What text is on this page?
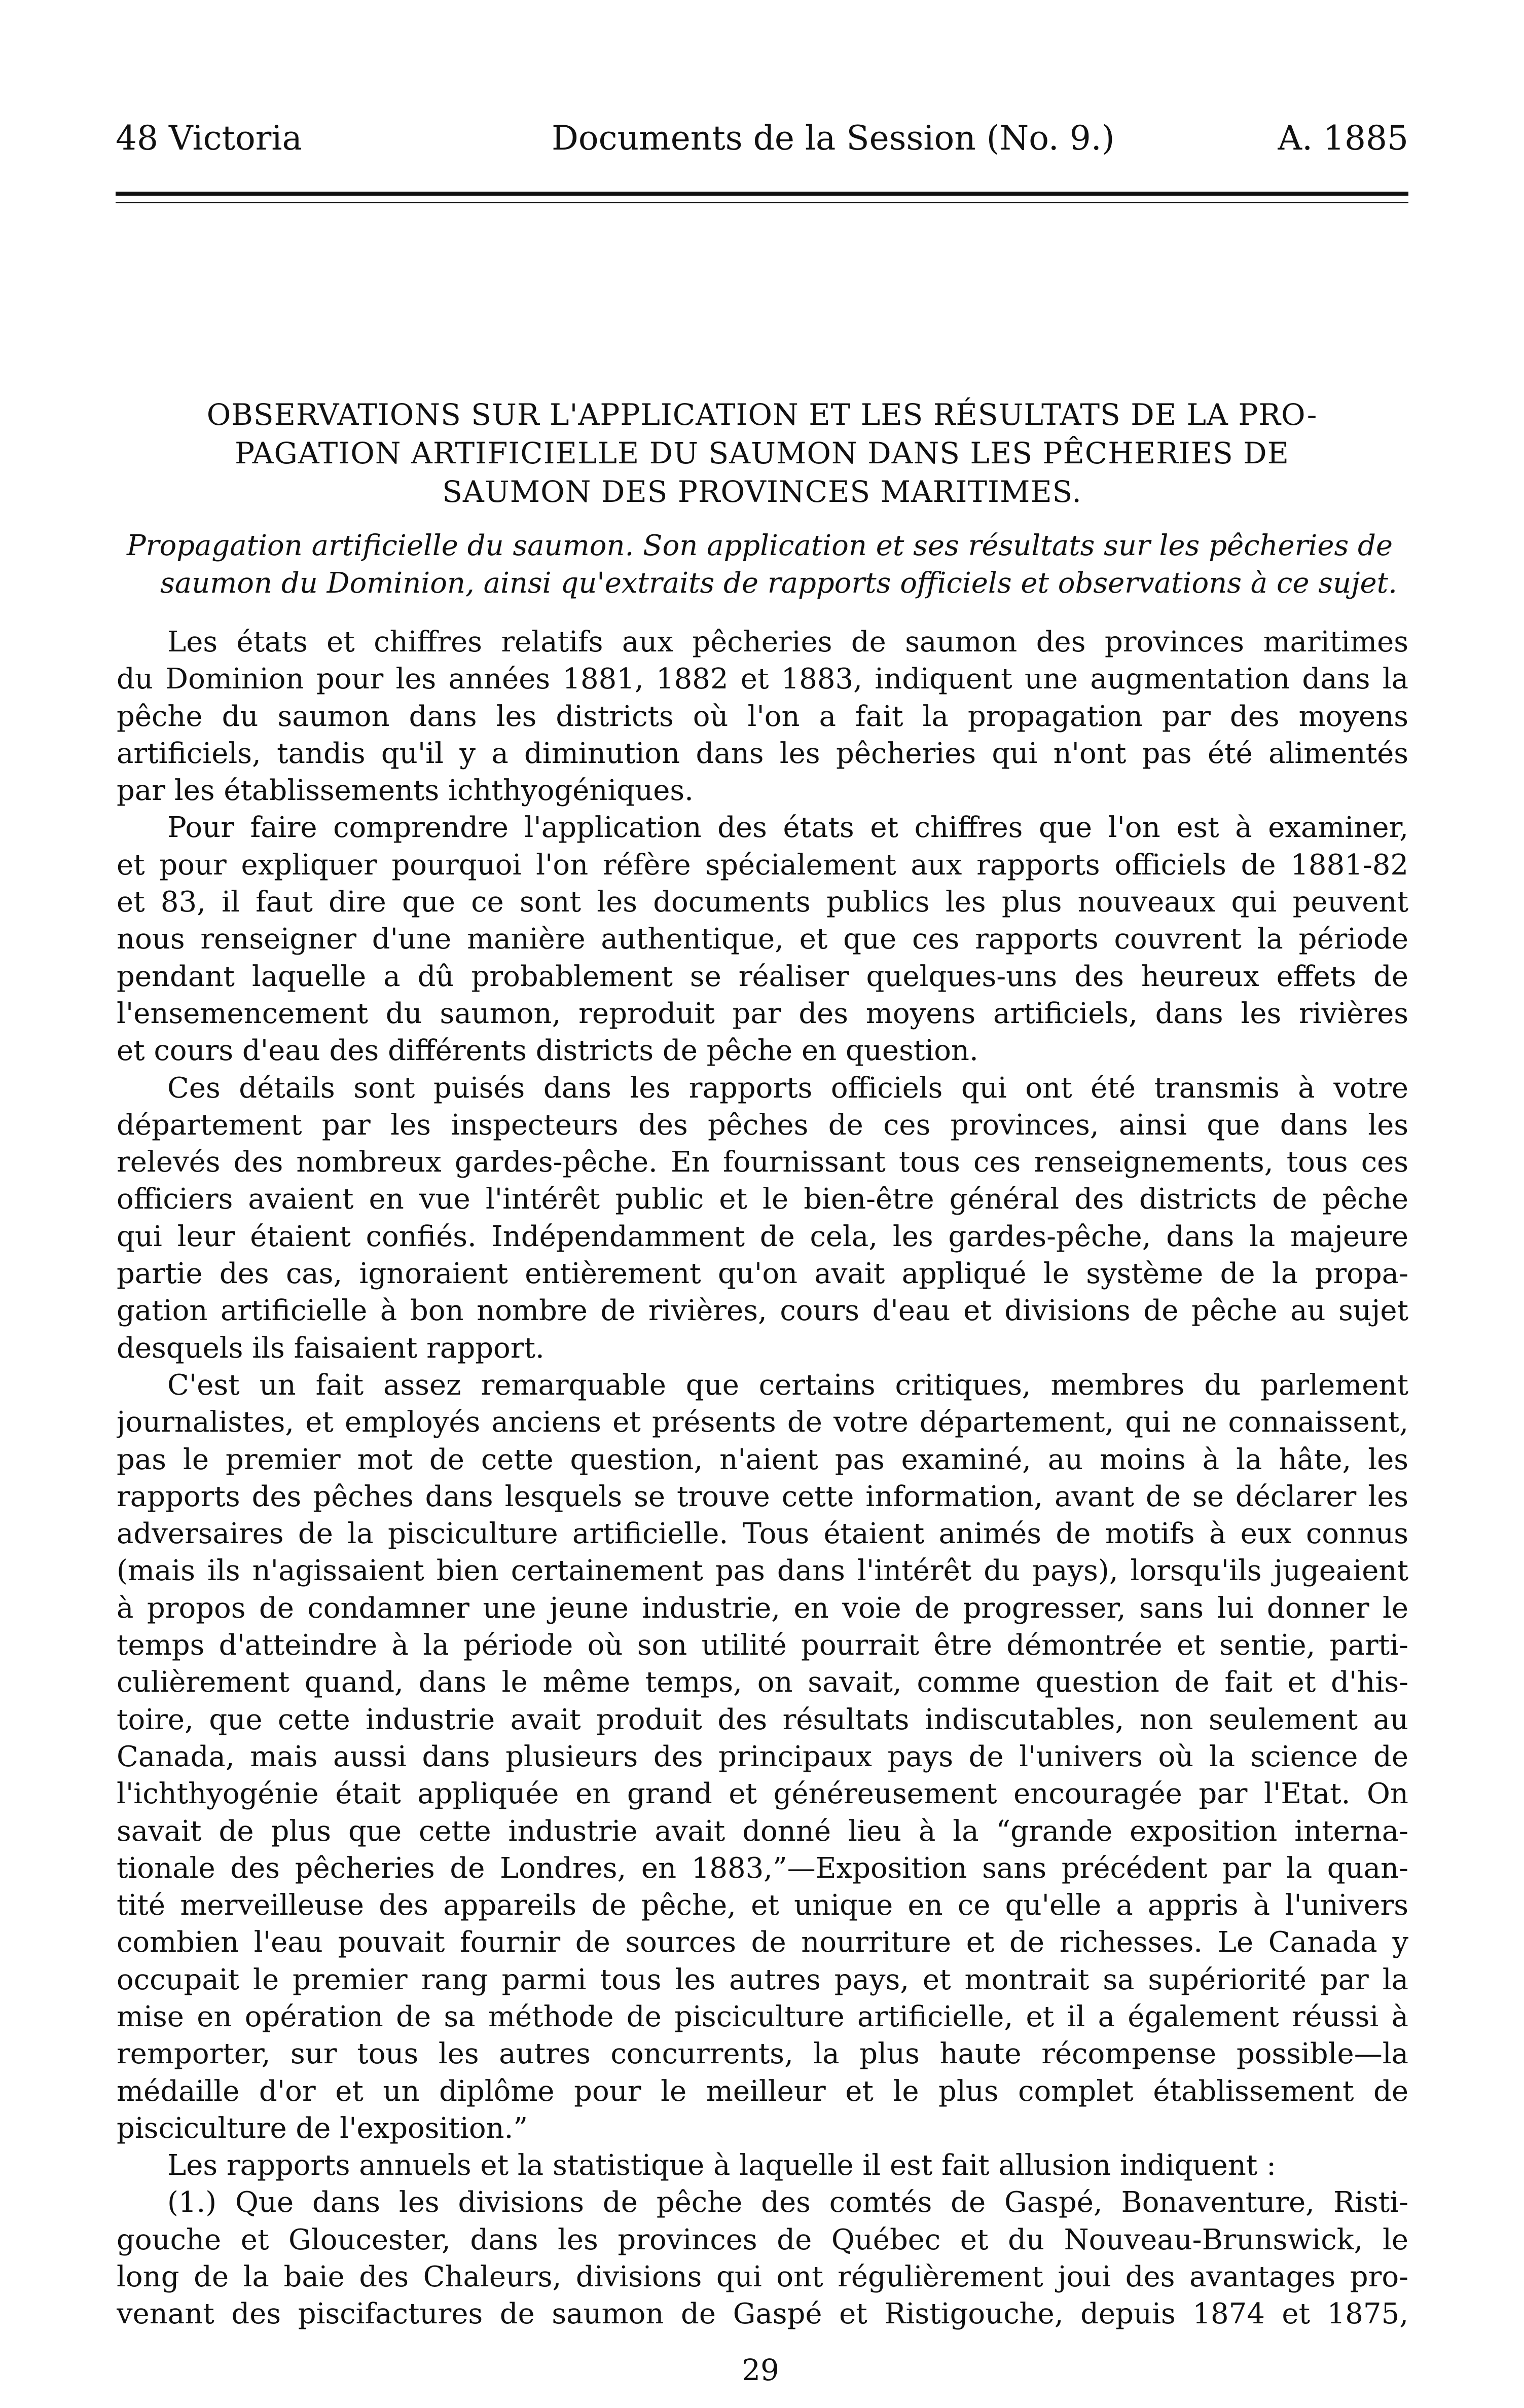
48 Victoria	Documents de la Session (No. 9.)	A. 1885
OBSERVATIONS SUR L'APPLICATION ET LES RÉSULTATS DE LA PRO-
PAGATION ARTIFICIELLE DU SAUMON DANS LES PÊCHERIES DE
SAUMON DES PROVINCES MARITIMES.

Propagation artificielle du saumon. Son application et ses résultats sur les pêcheries de
saumon du Dominion, ainsi qu'extraits de rapports officiels et observations à ce sujet.

Les états et chiffres relatifs aux pêcheries de saumon des provinces maritimes
du Dominion pour les années 1881, 1882 et 1883, indiquent une augmentation dans la
pêche du saumon dans les districts où l'on a fait la propagation par des moyens
artificiels, tandis qu'il y a diminution dans les pêcheries qui n'ont pas été alimentés
par les établissements ichthyogéniques.
Pour faire comprendre l'application des états et chiffres que l'on est à examiner,
et pour expliquer pourquoi l'on réfère spécialement aux rapports officiels de 1881-82
et 83, il faut dire que ce sont les documents publics les plus nouveaux qui peuvent
nous renseigner d'une manière authentique, et que ces rapports couvrent la période
pendant laquelle a dû probablement se réaliser quelques-uns des heureux effets de
l'ensemencement du saumon, reproduit par des moyens artificiels, dans les rivières
et cours d'eau des différents districts de pêche en question.
Ces détails sont puisés dans les rapports officiels qui ont été transmis à votre
département par les inspecteurs des pêches de ces provinces, ainsi que dans les
relevés des nombreux gardes-pêche. En fournissant tous ces renseignements, tous ces
officiers avaient en vue l'intérêt public et le bien-être général des districts de pêche
qui leur étaient confiés. Indépendamment de cela, les gardes-pêche, dans la majeure
partie des cas, ignoraient entièrement qu'on avait appliqué le système de la propa-
gation artificielle à bon nombre de rivières, cours d'eau et divisions de pêche au sujet
desquels ils faisaient rapport.
C'est un fait assez remarquable que certains critiques, membres du parlement
journalistes, et employés anciens et présents de votre département, qui ne connaissent,
pas le premier mot de cette question, n'aient pas examiné, au moins à la hâte, les
rapports des pêches dans lesquels se trouve cette information, avant de se déclarer les
adversaires de la pisciculture artificielle. Tous étaient animés de motifs à eux connus
(mais ils n'agissaient bien certainement pas dans l'intérêt du pays), lorsqu'ils jugeaient
à propos de condamner une jeune industrie, en voie de progresser, sans lui donner le
temps d'atteindre à la période où son utilité pourrait être démontrée et sentie, parti-
culièrement quand, dans le même temps, on savait, comme question de fait et d'his-
toire, que cette industrie avait produit des résultats indiscutables, non seulement au
Canada, mais aussi dans plusieurs des principaux pays de l'univers où la science de
l'ichthyogénie était appliquée en grand et généreusement encouragée par l'Etat. On
savait de plus que cette industrie avait donné lieu à la “grande exposition interna-
tionale des pêcheries de Londres, en 1883,”—Exposition sans précédent par la quan-
tité merveilleuse des appareils de pêche, et unique en ce qu'elle a appris à l'univers
combien l'eau pouvait fournir de sources de nourriture et de richesses. Le Canada y
occupait le premier rang parmi tous les autres pays, et montrait sa supériorité par la
mise en opération de sa méthode de pisciculture artificielle, et il a également réussi à
remporter, sur tous les autres concurrents, la plus haute récompense possible—la
médaille d'or et un diplôme pour le meilleur et le plus complet établissement de
pisciculture de l'exposition.”
Les rapports annuels et la statistique à laquelle il est fait allusion indiquent :
(1.) Que dans les divisions de pêche des comtés de Gaspé, Bonaventure, Risti-
gouche et Gloucester, dans les provinces de Québec et du Nouveau-Brunswick, le
long de la baie des Chaleurs, divisions qui ont régulièrement joui des avantages pro-
venant des piscifactures de saumon de Gaspé et Ristigouche, depuis 1874 et 1875,
29
